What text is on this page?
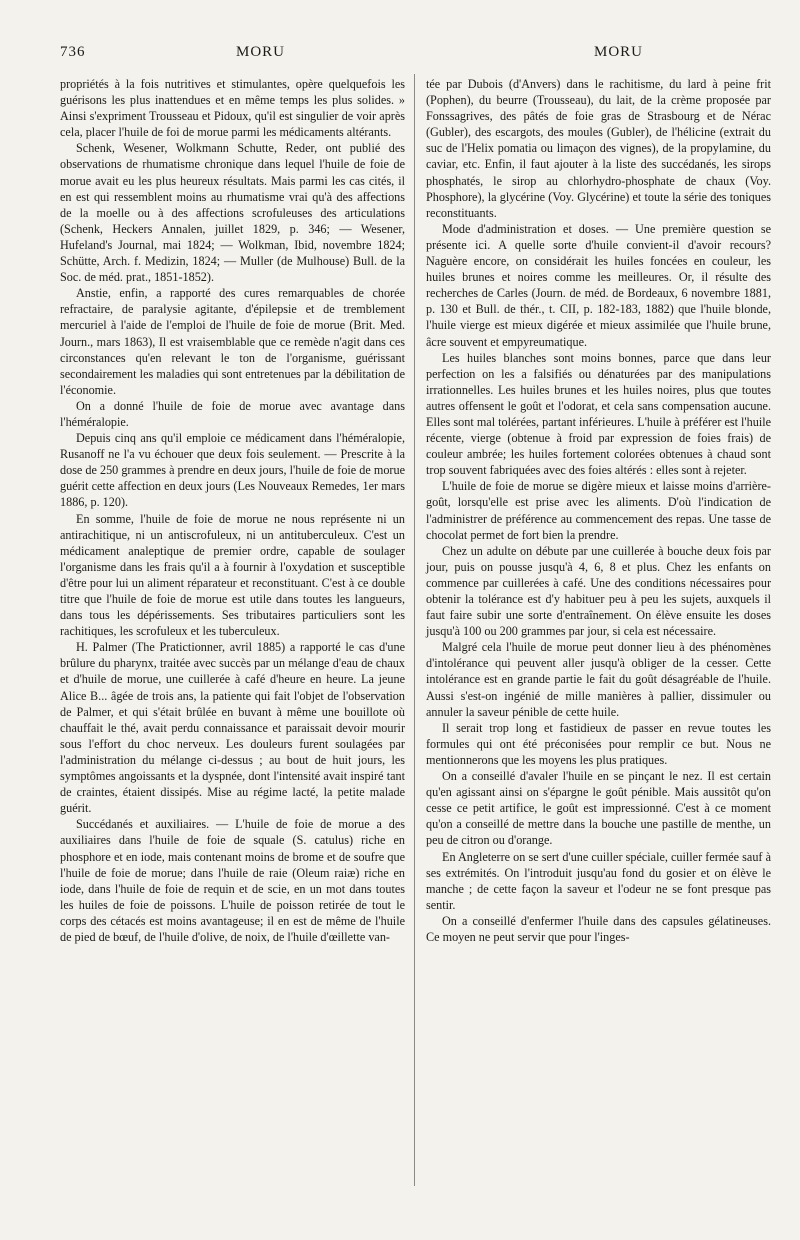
736	MORU	MORU

propriétés à la fois nutritives et stimulantes, opère quelquefois les guérisons les plus inattendues et en même temps les plus solides. » Ainsi s'expriment Trousseau et Pidoux, qu'il est singulier de voir après cela, placer l'huile de foi de morue parmi les médicaments altérants.

Schenk, Wesener, Wolkmann Schutte, Reder, ont publié des observations de rhumatisme chronique dans lequel l'huile de foie de morue avait eu les plus heureux résultats. Mais parmi les cas cités, il en est qui ressemblent moins au rhumatisme vrai qu'à des affections de la moelle ou à des affections scrofuleuses des articulations (Schenk, Heckers Annalen, juillet 1829, p. 346; — Wesener, Hufeland's Journal, mai 1824; — Wolkman, Ibid, novembre 1824; Schütte, Arch. f. Medizin, 1824; — Muller (de Mulhouse) Bull. de la Soc. de méd. prat., 1851-1852).

Anstie, enfin, a rapporté des cures remarquables de chorée refractaire, de paralysie agitante, d'épilepsie et de tremblement mercuriel à l'aide de l'emploi de l'huile de foie de morue (Brit. Med. Journ., mars 1863), Il est vraisemblable que ce remède n'agit dans ces circonstances qu'en relevant le ton de l'organisme, guérissant secondairement les maladies qui sont entretenues par la débilitation de l'économie.

On a donné l'huile de foie de morue avec avantage dans l'héméralopie.

Depuis cinq ans qu'il emploie ce médicament dans l'héméralopie, Rusanoff ne l'a vu échouer que deux fois seulement. — Prescrite à la dose de 250 grammes à prendre en deux jours, l'huile de foie de morue guérit cette affection en deux jours (Les Nouveaux Remedes, 1er mars 1886, p. 120).

En somme, l'huile de foie de morue ne nous représente ni un antirachitique, ni un antiscrofuleux, ni un antituberculeux. C'est un médicament analeptique de premier ordre, capable de soulager l'organisme dans les frais qu'il a à fournir à l'oxydation et susceptible d'être pour lui un aliment réparateur et reconstituant. C'est à ce double titre que l'huile de foie de morue est utile dans toutes les langueurs, dans tous les dépérissements. Ses tributaires particuliers sont les rachitiques, les scrofuleux et les tuberculeux.

H. Palmer (The Pratictionner, avril 1885) a rapporté le cas d'une brûlure du pharynx, traitée avec succès par un mélange d'eau de chaux et d'huile de morue, une cuillerée à café d'heure en heure. La jeune Alice B... âgée de trois ans, la patiente qui fait l'objet de l'observation de Palmer, et qui s'était brûlée en buvant à même une bouillote où chauffait le thé, avait perdu connaissance et paraissait devoir mourir sous l'effort du choc nerveux. Les douleurs furent soulagées par l'administration du mélange ci-dessus ; au bout de huit jours, les symptômes angoissants et la dyspnée, dont l'intensité avait inspiré tant de craintes, étaient dissipés. Mise au régime lacté, la petite malade guérit.

Succédanés et auxiliaires. — L'huile de foie de morue a des auxiliaires dans l'huile de foie de squale (S. catulus) riche en phosphore et en iode, mais contenant moins de brome et de soufre que l'huile de foie de morue; dans l'huile de raie (Oleum raiæ) riche en iode, dans l'huile de foie de requin et de scie, en un mot dans toutes les huiles de foie de poissons. L'huile de poisson retirée de tout le corps des cétacés est moins avantageuse; il en est de même de l'huile de pied de bœuf, de l'huile d'olive, de noix, de l'huile d'œillette van-

tée par Dubois (d'Anvers) dans le rachitisme, du lard à peine frit (Pophen), du beurre (Trousseau), du lait, de la crème proposée par Fonssagrives, des pâtés de foie gras de Strasbourg et de Nérac (Gubler), des escargots, des moules (Gubler), de l'hélicine (extrait du suc de l'Helix pomatia ou limaçon des vignes), de la propylamine, du caviar, etc. Enfin, il faut ajouter à la liste des succédanés, les sirops phosphatés, le sirop au chlorhydro-phosphate de chaux (Voy. Phosphore), la glycérine (Voy. Glycérine) et toute la série des toniques reconstituants.

Mode d'administration et doses. — Une première question se présente ici. A quelle sorte d'huile convient-il d'avoir recours? Naguère encore, on considérait les huiles foncées en couleur, les huiles brunes et noires comme les meilleures. Or, il résulte des recherches de Carles (Journ. de méd. de Bordeaux, 6 novembre 1881, p. 130 et Bull. de thér., t. CII, p. 182-183, 1882) que l'huile blonde, l'huile vierge est mieux digérée et mieux assimilée que l'huile brune, âcre souvent et empyreumatique.

Les huiles blanches sont moins bonnes, parce que dans leur perfection on les a falsifiés ou dénaturées par des manipulations irrationnelles. Les huiles brunes et les huiles noires, plus que toutes autres offensent le goût et l'odorat, et cela sans compensation aucune. Elles sont mal tolérées, partant inférieures. L'huile à préférer est l'huile récente, vierge (obtenue à froid par expression de foies frais) de couleur ambrée; les huiles fortement colorées obtenues à chaud sont trop souvent fabriquées avec des foies altérés : elles sont à rejeter.

L'huile de foie de morue se digère mieux et laisse moins d'arrière-goût, lorsqu'elle est prise avec les aliments. D'où l'indication de l'administrer de préférence au commencement des repas. Une tasse de chocolat permet de fort bien la prendre.

Chez un adulte on débute par une cuillerée à bouche deux fois par jour, puis on pousse jusqu'à 4, 6, 8 et plus. Chez les enfants on commence par cuillerées à café. Une des conditions nécessaires pour obtenir la tolérance est d'y habituer peu à peu les sujets, auxquels il faut faire subir une sorte d'entraînement. On élève ensuite les doses jusqu'à 100 ou 200 grammes par jour, si cela est nécessaire.

Malgré cela l'huile de morue peut donner lieu à des phénomènes d'intolérance qui peuvent aller jusqu'à obliger de la cesser. Cette intolérance est en grande partie le fait du goût désagréable de l'huile. Aussi s'est-on ingénié de mille manières à pallier, dissimuler ou annuler la saveur pénible de cette huile.

Il serait trop long et fastidieux de passer en revue toutes les formules qui ont été préconisées pour remplir ce but. Nous ne mentionnerons que les moyens les plus pratiques.

On a conseillé d'avaler l'huile en se pinçant le nez. Il est certain qu'en agissant ainsi on s'épargne le goût pénible. Mais aussitôt qu'on cesse ce petit artifice, le goût est impressionné. C'est à ce moment qu'on a conseillé de mettre dans la bouche une pastille de menthe, un peu de citron ou d'orange.

En Angleterre on se sert d'une cuiller spéciale, cuiller fermée sauf à ses extrémités. On l'introduit jusqu'au fond du gosier et on élève le manche ; de cette façon la saveur et l'odeur ne se font presque pas sentir.

On a conseillé d'enfermer l'huile dans des capsules gélatineuses. Ce moyen ne peut servir que pour l'inges-
